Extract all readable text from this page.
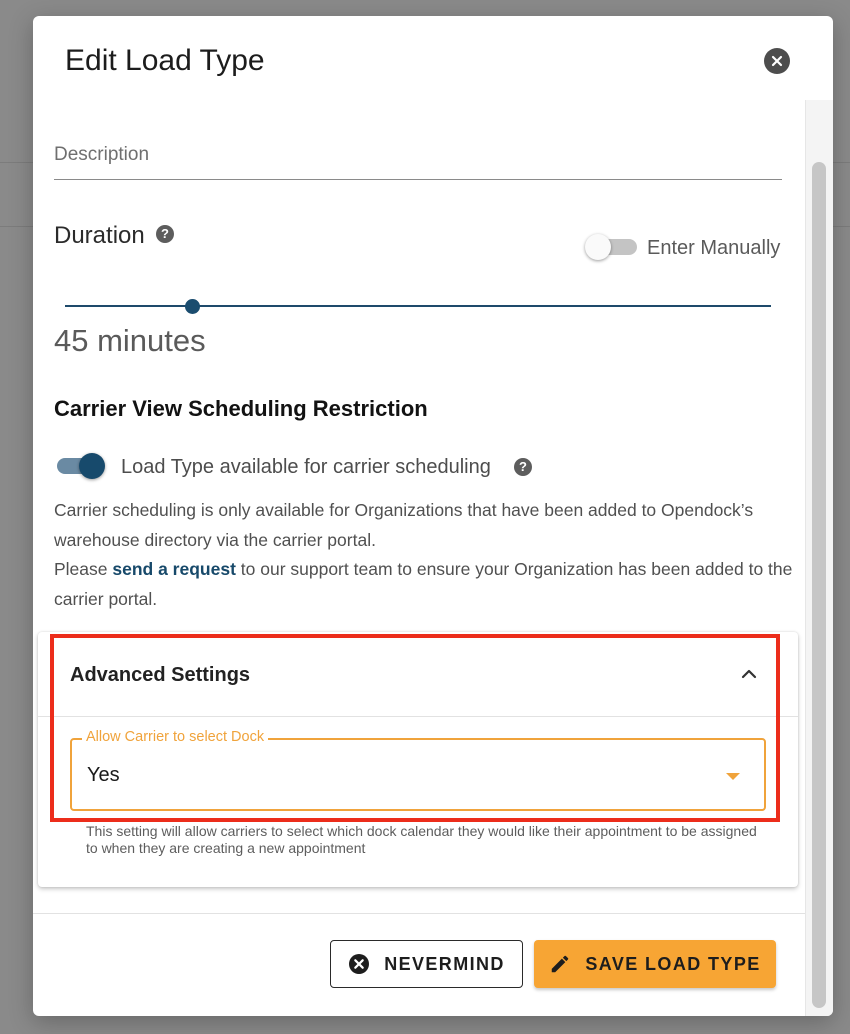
Edit Load Type
Description
Duration	?
Enter Manually
45 minutes
Carrier View Scheduling Restriction
Load Type available for carrier scheduling	?
Carrier scheduling is only available for Organizations that have been added to Opendock’s warehouse directory via the carrier portal.
Please send a request to our support team to ensure your Organization has been added to the carrier portal.
Advanced Settings
Allow Carrier to select Dock
Yes
This setting will allow carriers to select which dock calendar they would like their appointment to be assigned to when they are creating a new appointment
NEVERMIND	SAVE LOAD TYPE
